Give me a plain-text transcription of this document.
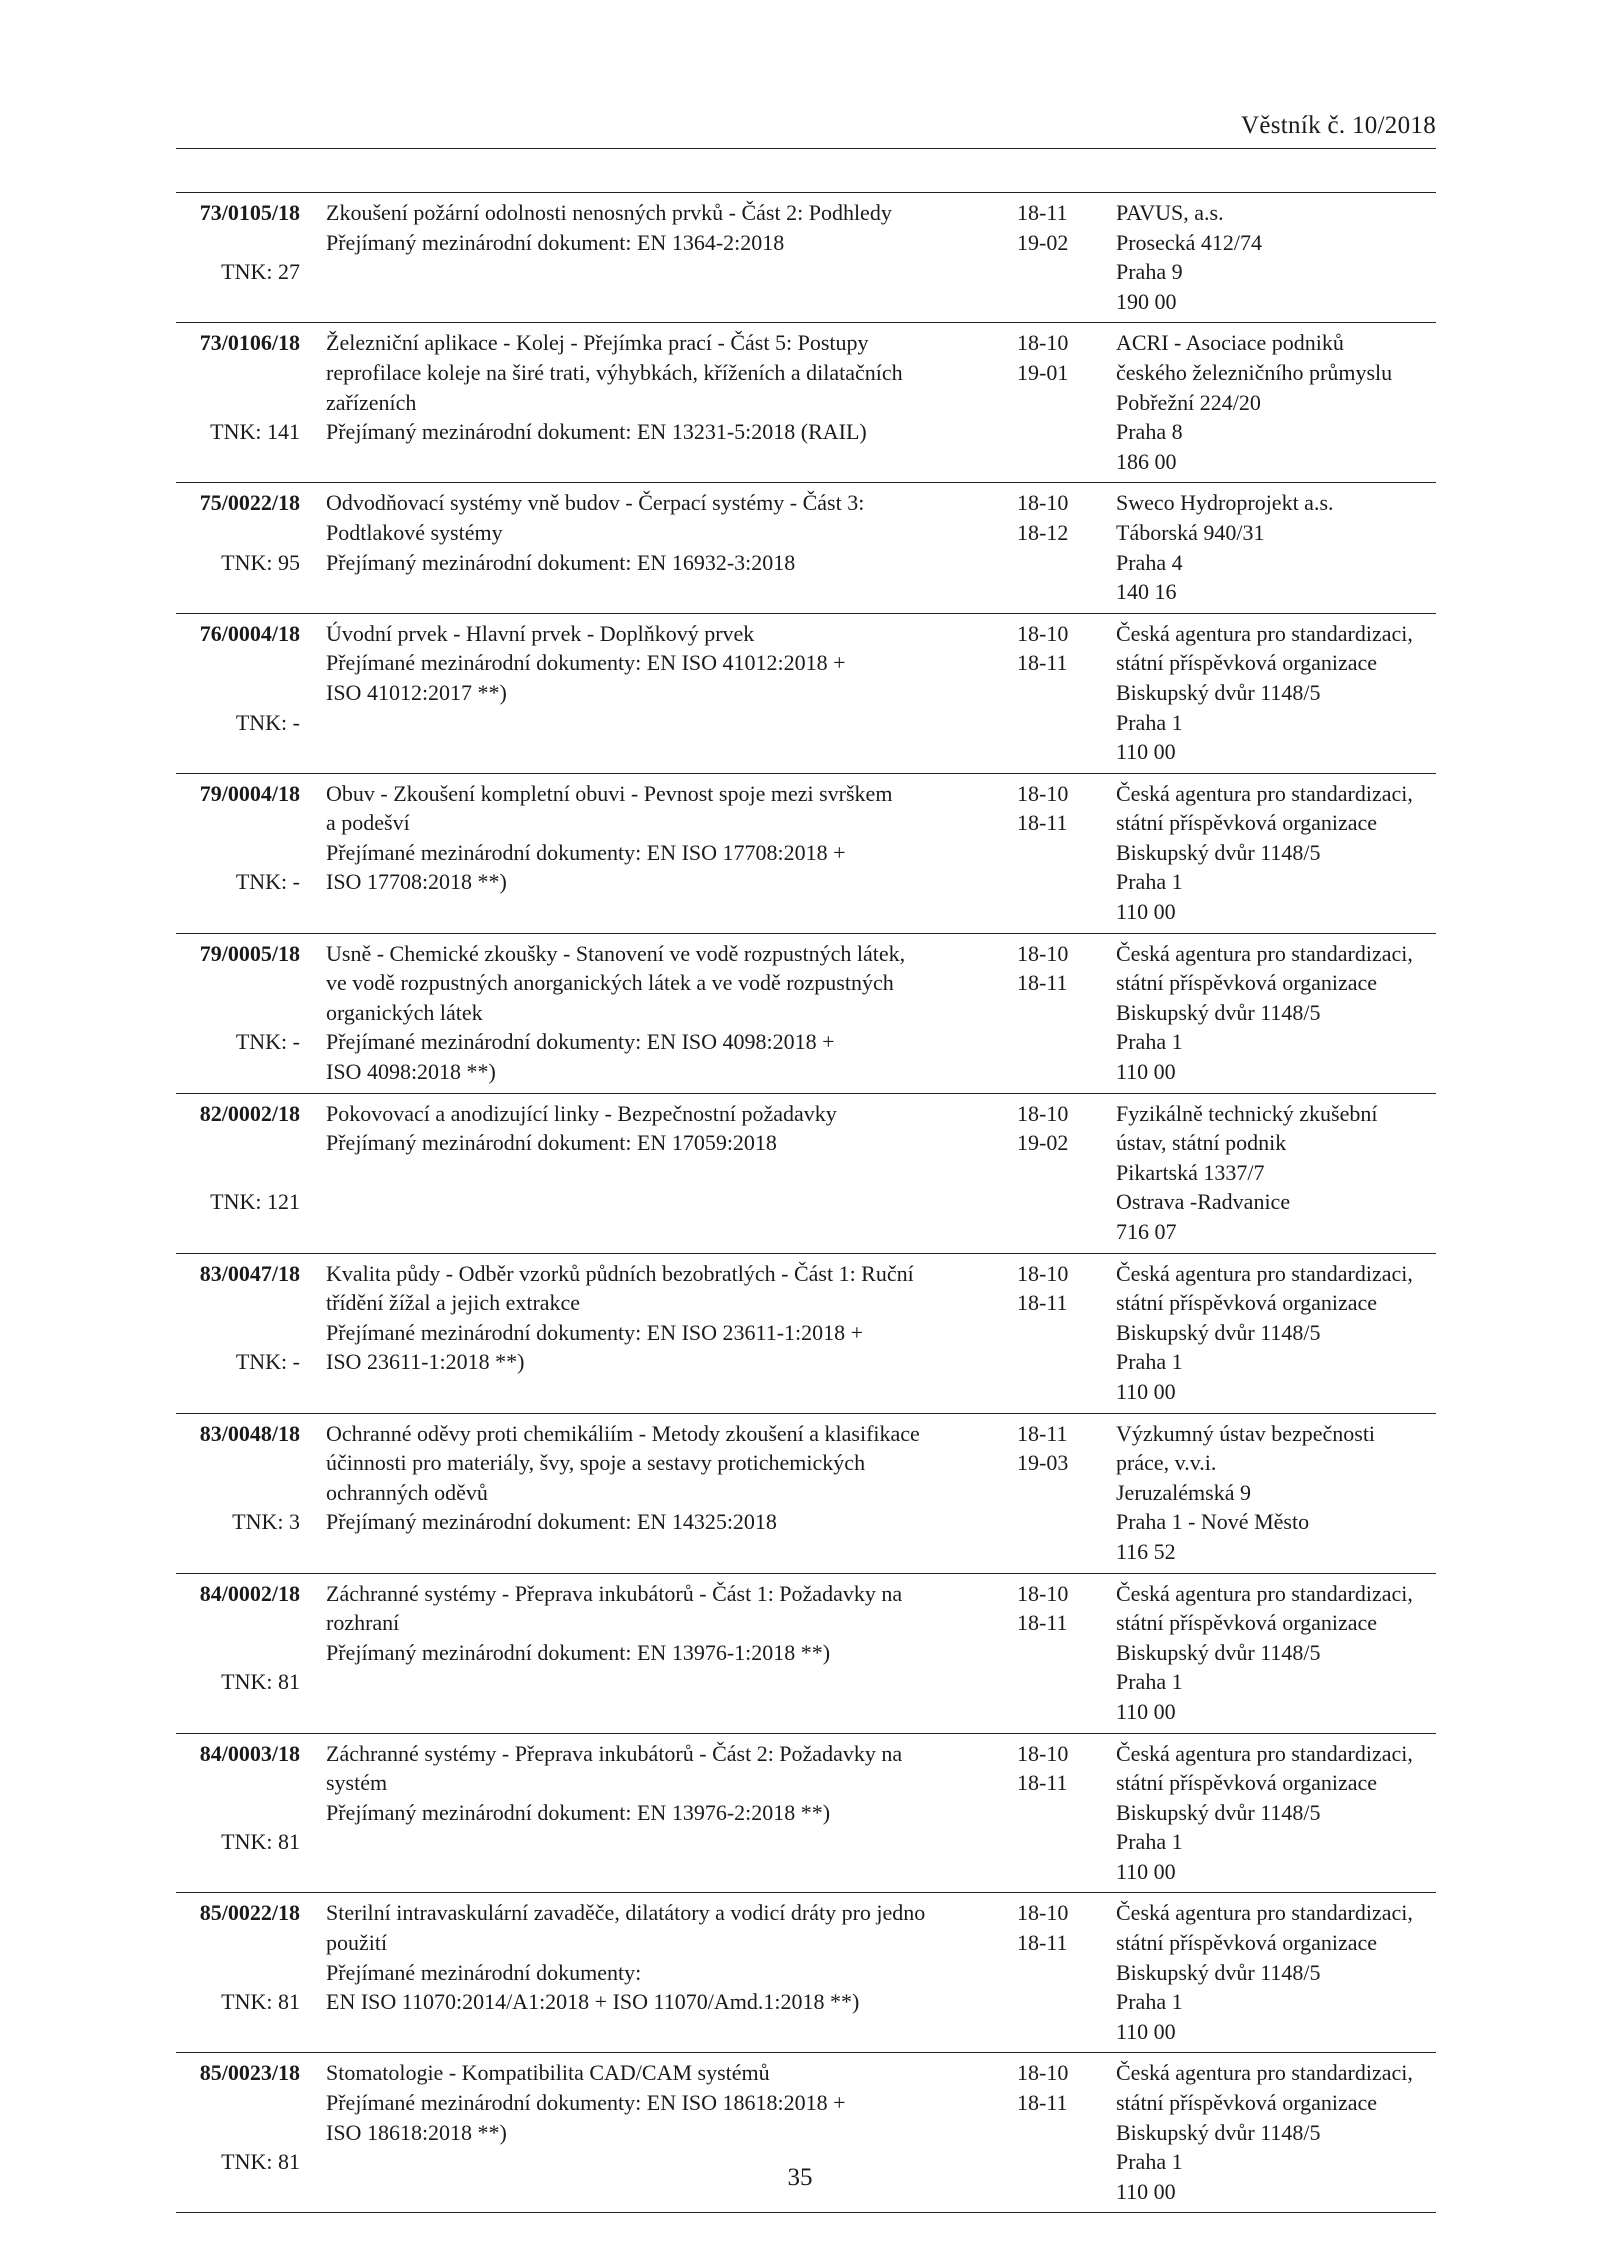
Věstník č. 10/2018
73/0105/18
TNK: 27
Zkoušení požární odolnosti nenosných prvků - Část 2: Podhledy
Přejímaný mezinárodní dokument: EN 1364-2:2018

18-11
19-02
PAVUS, a.s.
Prosecká 412/74
Praha 9
190 00
73/0106/18
TNK: 141
Železniční aplikace - Kolej - Přejímka prací - Část 5: Postupy
reprofilace koleje na širé trati, výhybkách, kříženích a dilatačních
zařízeních
Přejímaný mezinárodní dokument: EN 13231-5:2018 (RAIL)

18-10
19-01
ACRI - Asociace podniků
českého železničního průmyslu
Pobřežní 224/20
Praha 8
186 00
75/0022/18
TNK: 95
Odvodňovací systémy vně budov - Čerpací systémy - Část 3:
Podtlakové systémy
Přejímaný mezinárodní dokument: EN 16932-3:2018

18-10
18-12
Sweco Hydroprojekt a.s.
Táborská 940/31
Praha 4
140 16
76/0004/18
TNK: -
Úvodní prvek - Hlavní prvek - Doplňkový prvek
Přejímané mezinárodní dokumenty: EN ISO 41012:2018 +
ISO 41012:2017 **)

18-10
18-11
Česká agentura pro standardizaci,
státní příspěvková organizace
Biskupský dvůr 1148/5
Praha 1
110 00
79/0004/18
TNK: -
Obuv - Zkoušení kompletní obuvi - Pevnost spoje mezi svrškem
a podešví
Přejímané mezinárodní dokumenty: EN ISO 17708:2018 +
ISO 17708:2018 **)

18-10
18-11
Česká agentura pro standardizaci,
státní příspěvková organizace
Biskupský dvůr 1148/5
Praha 1
110 00
79/0005/18
TNK: -
Usně - Chemické zkoušky - Stanovení ve vodě rozpustných látek,
ve vodě rozpustných anorganických látek a ve vodě rozpustných
organických látek
Přejímané mezinárodní dokumenty: EN ISO 4098:2018 +
ISO 4098:2018 **)
18-10
18-11
Česká agentura pro standardizaci,
státní příspěvková organizace
Biskupský dvůr 1148/5
Praha 1
110 00
82/0002/18
TNK: 121
Pokovovací a anodizující linky - Bezpečnostní požadavky
Přejímaný mezinárodní dokument: EN 17059:2018

18-10
19-02
Fyzikálně technický zkušební
ústav, státní podnik
Pikartská 1337/7
Ostrava -Radvanice
716 07
83/0047/18
TNK: -
Kvalita půdy - Odběr vzorků půdních bezobratlých - Část 1: Ruční
třídění žížal a jejich extrakce
Přejímané mezinárodní dokumenty: EN ISO 23611-1:2018 +
ISO 23611-1:2018 **)

18-10
18-11
Česká agentura pro standardizaci,
státní příspěvková organizace
Biskupský dvůr 1148/5
Praha 1
110 00
83/0048/18
TNK: 3
Ochranné oděvy proti chemikáliím - Metody zkoušení a klasifikace
účinnosti pro materiály, švy, spoje a sestavy protichemických
ochranných oděvů
Přejímaný mezinárodní dokument: EN 14325:2018

18-11
19-03
Výzkumný ústav bezpečnosti
práce, v.v.i.
Jeruzalémská 9
Praha 1 - Nové Město
116 52
84/0002/18
TNK: 81
Záchranné systémy - Přeprava inkubátorů - Část 1: Požadavky na
rozhraní
Přejímaný mezinárodní dokument: EN 13976-1:2018 **)

18-10
18-11
Česká agentura pro standardizaci,
státní příspěvková organizace
Biskupský dvůr 1148/5
Praha 1
110 00
84/0003/18
TNK: 81
Záchranné systémy - Přeprava inkubátorů - Část 2: Požadavky na
systém
Přejímaný mezinárodní dokument: EN 13976-2:2018 **)

18-10
18-11
Česká agentura pro standardizaci,
státní příspěvková organizace
Biskupský dvůr 1148/5
Praha 1
110 00
85/0022/18
TNK: 81
Sterilní intravaskulární zavaděče, dilatátory a vodicí dráty pro jedno
použití
Přejímané mezinárodní dokumenty:
EN ISO 11070:2014/A1:2018 + ISO 11070/Amd.1:2018 **)

18-10
18-11
Česká agentura pro standardizaci,
státní příspěvková organizace
Biskupský dvůr 1148/5
Praha 1
110 00
85/0023/18
TNK: 81
Stomatologie - Kompatibilita CAD/CAM systémů
Přejímané mezinárodní dokumenty: EN ISO 18618:2018 +
ISO 18618:2018 **)

18-10
18-11
Česká agentura pro standardizaci,
státní příspěvková organizace
Biskupský dvůr 1148/5
Praha 1
110 00
35
